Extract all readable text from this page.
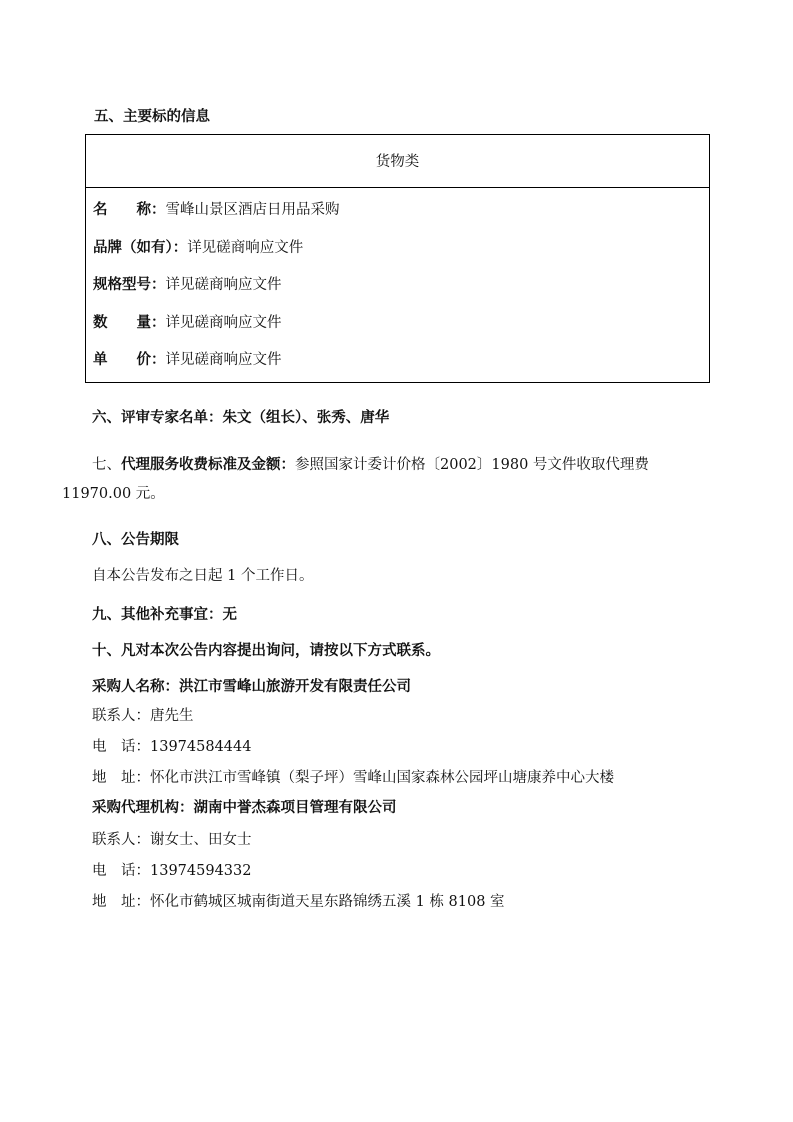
五、主要标的信息
货物类
名　　称：雪峰山景区酒店日用品采购
品牌（如有）：详见磋商响应文件
规格型号：详见磋商响应文件
数　　量：详见磋商响应文件
单　　价：详见磋商响应文件
六、评审专家名单：朱文（组长）、张秀、唐华
七、代理服务收费标准及金额：参照国家计委计价格〔2002〕1980 号文件收取代理费
11970.00 元。
八、公告期限
自本公告发布之日起 1 个工作日。
九、其他补充事宜：无
十、凡对本次公告内容提出询问，请按以下方式联系。
采购人名称：洪江市雪峰山旅游开发有限责任公司
联系人：唐先生
电　话：13974584444
地　址：怀化市洪江市雪峰镇（梨子坪）雪峰山国家森林公园坪山塘康养中心大楼
采购代理机构：湖南中誉杰森项目管理有限公司
联系人：谢女士、田女士
电　话：13974594332
地　址：怀化市鹤城区城南街道天星东路锦绣五溪 1 栋 8108 室
